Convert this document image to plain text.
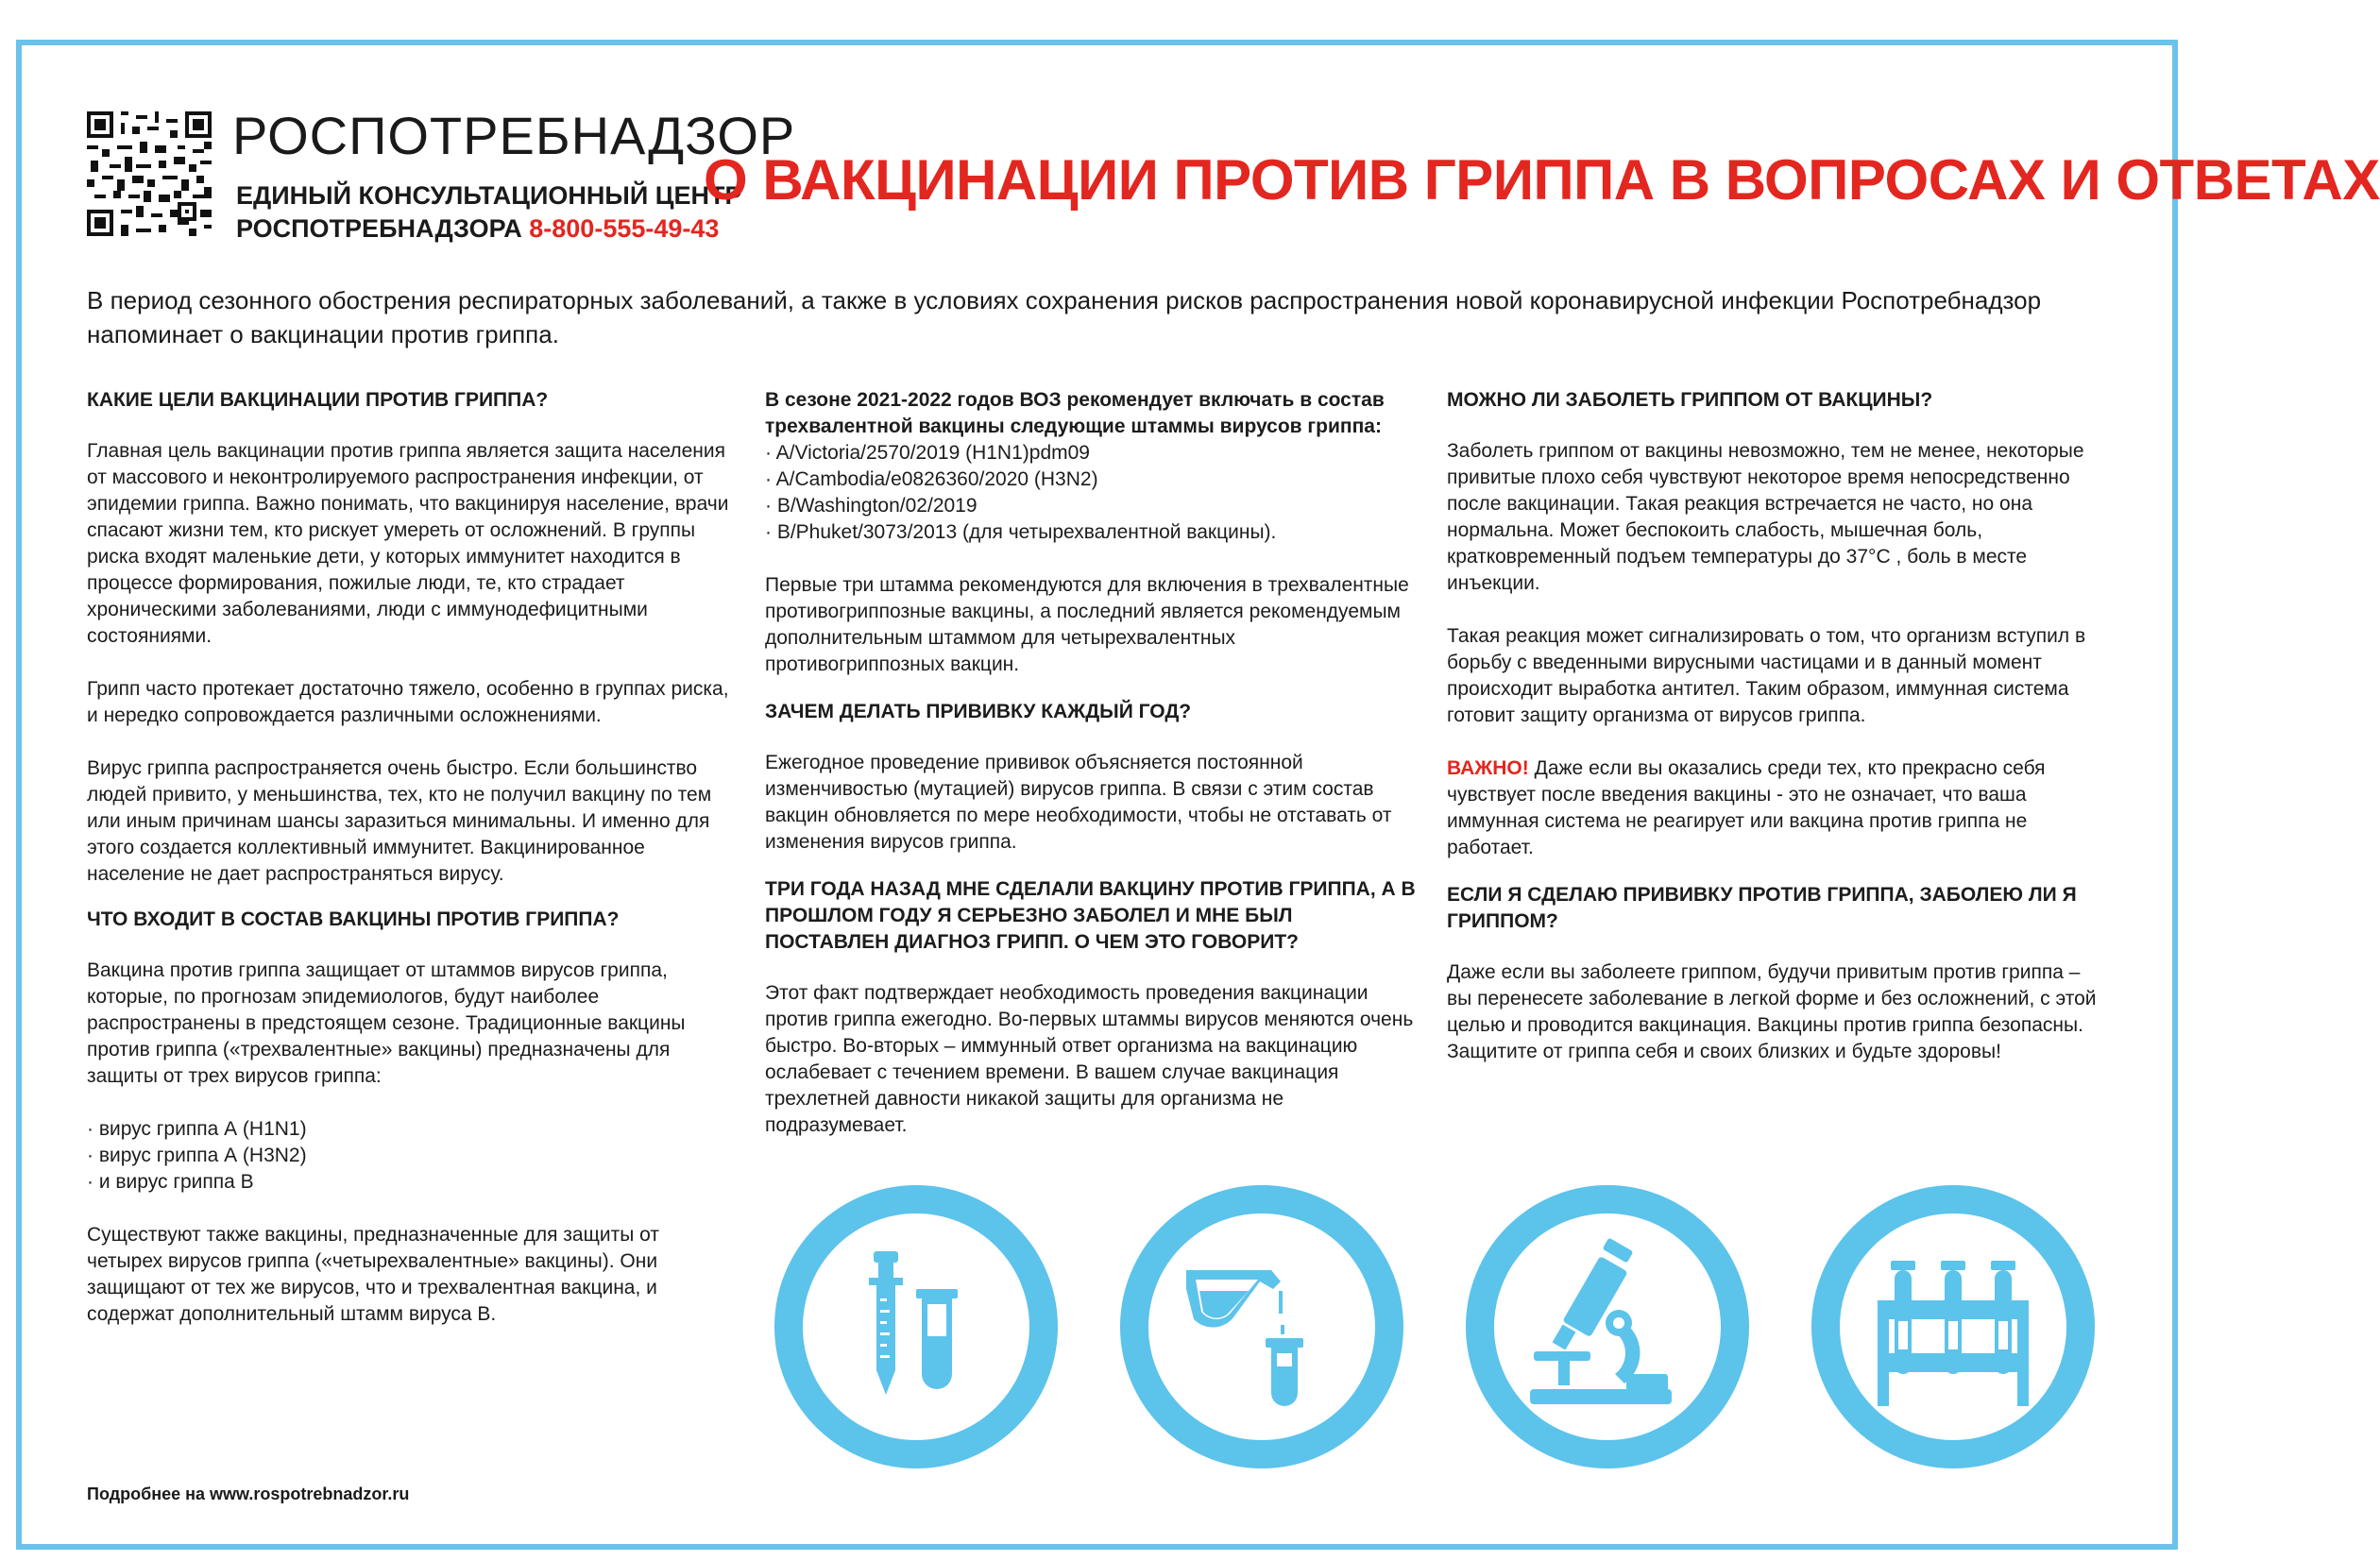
РОСПОТРЕБНАДЗОР
ЕДИНЫЙ КОНСУЛЬТАЦИОННЫЙ ЦЕНТР
РОСПОТРЕБНАДЗОРА 8-800-555-49-43
О ВАКЦИНАЦИИ ПРОТИВ ГРИППА В ВОПРОСАХ И ОТВЕТАХ
В период сезонного обострения респираторных заболеваний, а также в условиях сохранения рисков распространения новой коронавирусной инфекции Роспотребнадзор напоминает о вакцинации против гриппа.
КАКИЕ ЦЕЛИ ВАКЦИНАЦИИ ПРОТИВ ГРИППА?

Главная цель вакцинации против гриппа является защита населения от массового и неконтролируемого распространения инфекции, от эпидемии гриппа. Важно понимать, что вакцинируя население, врачи спасают жизни тем, кто рискует умереть от осложнений. В группы риска входят маленькие дети, у которых иммунитет находится в процессе формирования, пожилые люди, те, кто страдает хроническими заболеваниями, люди с иммунодефицитными состояниями.

Грипп часто протекает достаточно тяжело, особенно в группах риска, и нередко сопровождается различными осложнениями.

Вирус гриппа распространяется очень быстро. Если большинство людей привито, у меньшинства, тех, кто не получил вакцину по тем или иным причинам шансы заразиться минимальны. И именно для этого создается коллективный иммунитет. Вакцинированное население не дает распространяться вирусу.

ЧТО ВХОДИТ В СОСТАВ ВАКЦИНЫ ПРОТИВ ГРИППА?

Вакцина против гриппа защищает от штаммов вирусов гриппа, которые, по прогнозам эпидемиологов, будут наиболее распространены в предстоящем сезоне. Традиционные вакцины против гриппа («трехвалентные» вакцины) предназначены для защиты от трех вирусов гриппа:

· вирус гриппа А (H1N1)
· вирус гриппа А (H3N2)
· и вирус гриппа В

Существуют также вакцины, предназначенные для защиты от четырех вирусов гриппа («четырехвалентные» вакцины). Они защищают от тех же вирусов, что и трехвалентная вакцина, и содержат дополнительный штамм вируса В.

В сезоне 2021-2022 годов ВОЗ рекомендует включать в состав трехвалентной вакцины следующие штаммы вирусов гриппа:

· A/Victoria/2570/2019 (H1N1)pdm09
· A/Cambodia/e0826360/2020 (H3N2)
· B/Washington/02/2019
· B/Phuket/3073/2013 (для четырехвалентной вакцины).

Первые три штамма рекомендуются для включения в трехвалентные противогриппозные вакцины, а последний является рекомендуемым дополнительным штаммом для четырехвалентных противогриппозных вакцин.

ЗАЧЕМ ДЕЛАТЬ ПРИВИВКУ КАЖДЫЙ ГОД?

Ежегодное проведение прививок объясняется постоянной изменчивостью (мутацией) вирусов гриппа. В связи с этим состав вакцин обновляется по мере необходимости, чтобы не отставать от изменения вирусов гриппа.

ТРИ ГОДА НАЗАД МНЕ СДЕЛАЛИ ВАКЦИНУ ПРОТИВ ГРИППА, А В ПРОШЛОМ ГОДУ Я СЕРЬЕЗНО ЗАБОЛЕЛ И МНЕ БЫЛ ПОСТАВЛЕН ДИАГНОЗ ГРИПП. О ЧЕМ ЭТО ГОВОРИТ?

Этот факт подтверждает необходимость проведения вакцинации против гриппа ежегодно. Во-первых штаммы вирусов меняются очень быстро. Во-вторых – иммунный ответ организма на вакцинацию ослабевает с течением времени. В вашем случае вакцинация трехлетней давности никакой защиты для организма не подразумевает.

МОЖНО ЛИ ЗАБОЛЕТЬ ГРИППОМ ОТ ВАКЦИНЫ?

Заболеть гриппом от вакцины невозможно, тем не менее, некоторые привитые плохо себя чувствуют некоторое время непосредственно после вакцинации. Такая реакция встречается не часто, но она нормальна. Может беспокоить слабость, мышечная боль, кратковременный подъем температуры до 37°С , боль в месте инъекции.

Такая реакция может сигнализировать о том, что организм вступил в борьбу с введенными вирусными частицами и в данный момент происходит выработка антител. Таким образом, иммунная система готовит защиту организма от вирусов гриппа.

ВАЖНО! Даже если вы оказались среди тех, кто прекрасно себя чувствует после введения вакцины - это не означает, что ваша иммунная система не реагирует или вакцина против гриппа не работает.

ЕСЛИ Я СДЕЛАЮ ПРИВИВКУ ПРОТИВ ГРИППА, ЗАБОЛЕЮ ЛИ Я ГРИППОМ?

Даже если вы заболеете гриппом, будучи привитым против гриппа – вы перенесете заболевание в легкой форме и без осложнений, с этой целью и проводится вакцинация. Вакцины против гриппа безопасны. Защитите от гриппа себя и своих близких и будьте здоровы!

Подробнее на www.rospotrebnadzor.ru
